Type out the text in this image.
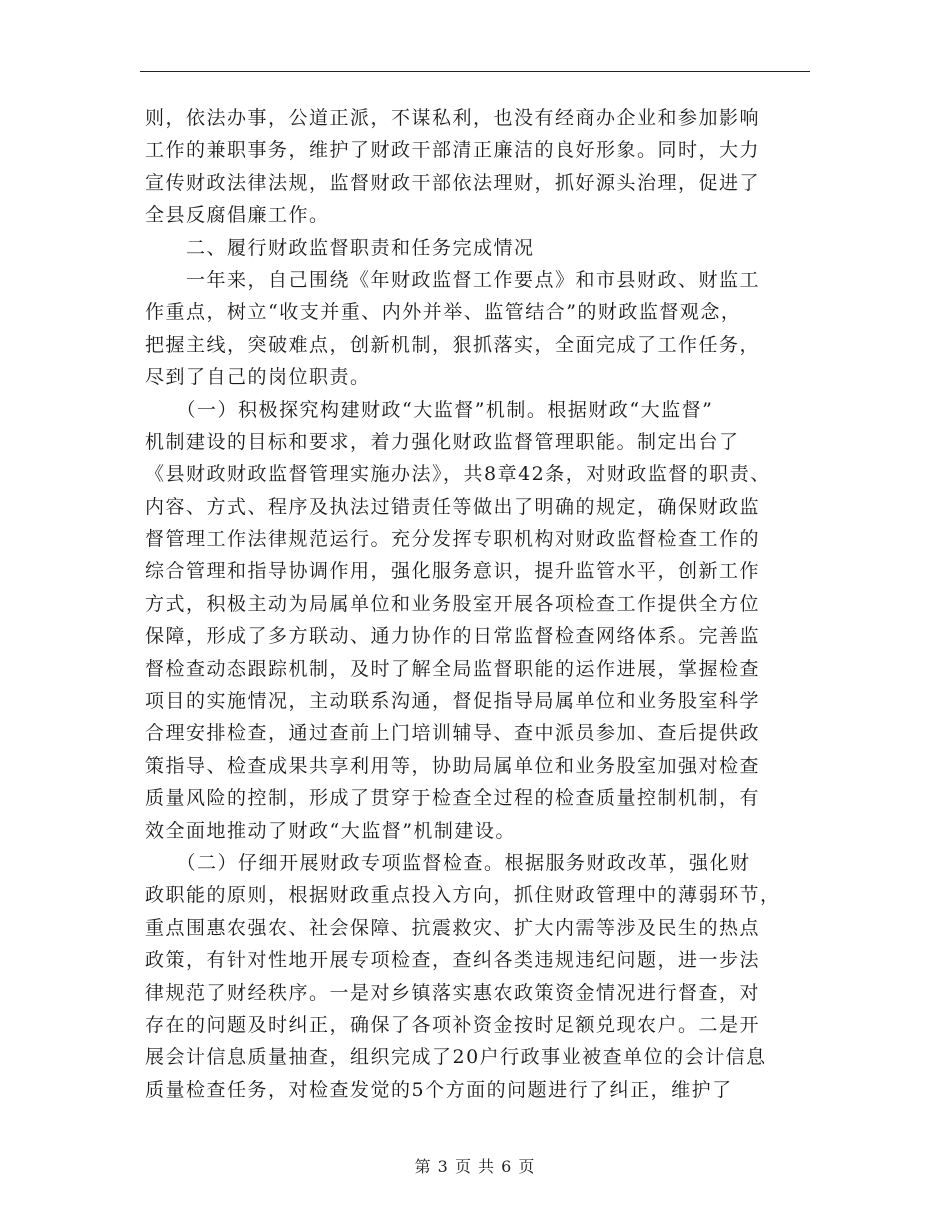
则，依法办事，公道正派，不谋私利，也没有经商办企业和参加影响
工作的兼职事务，维护了财政干部清正廉洁的良好形象。同时，大力
宣传财政法律法规，监督财政干部依法理财，抓好源头治理，促进了
全县反腐倡廉工作。
　　二、履行财政监督职责和任务完成情况
　　一年来，自己围绕《年财政监督工作要点》和市县财政、财监工
作重点，树立“收支并重、内外并举、监管结合”的财政监督观念，
把握主线，突破难点，创新机制，狠抓落实，全面完成了工作任务，
尽到了自己的岗位职责。
　　（一）积极探究构建财政“大监督”机制。根据财政“大监督”
机制建设的目标和要求，着力强化财政监督管理职能。制定出台了
《县财政财政监督管理实施办法》，共8章42条，对财政监督的职责、
内容、方式、程序及执法过错责任等做出了明确的规定，确保财政监
督管理工作法律规范运行。充分发挥专职机构对财政监督检查工作的
综合管理和指导协调作用，强化服务意识，提升监管水平，创新工作
方式，积极主动为局属单位和业务股室开展各项检查工作提供全方位
保障，形成了多方联动、通力协作的日常监督检查网络体系。完善监
督检查动态跟踪机制，及时了解全局监督职能的运作进展，掌握检查
项目的实施情况，主动联系沟通，督促指导局属单位和业务股室科学
合理安排检查，通过查前上门培训辅导、查中派员参加、查后提供政
策指导、检查成果共享利用等，协助局属单位和业务股室加强对检查
质量风险的控制，形成了贯穿于检查全过程的检查质量控制机制，有
效全面地推动了财政“大监督”机制建设。
　　（二）仔细开展财政专项监督检查。根据服务财政改革，强化财
政职能的原则，根据财政重点投入方向，抓住财政管理中的薄弱环节，
重点围惠农强农、社会保障、抗震救灾、扩大内需等涉及民生的热点
政策，有针对性地开展专项检查，查纠各类违规违纪问题，进一步法
律规范了财经秩序。一是对乡镇落实惠农政策资金情况进行督查，对
存在的问题及时纠正，确保了各项补资金按时足额兑现农户。二是开
展会计信息质量抽查，组织完成了20户行政事业被查单位的会计信息
质量检查任务，对检查发觉的5个方面的问题进行了纠正，维护了
第 3 页 共 6 页
